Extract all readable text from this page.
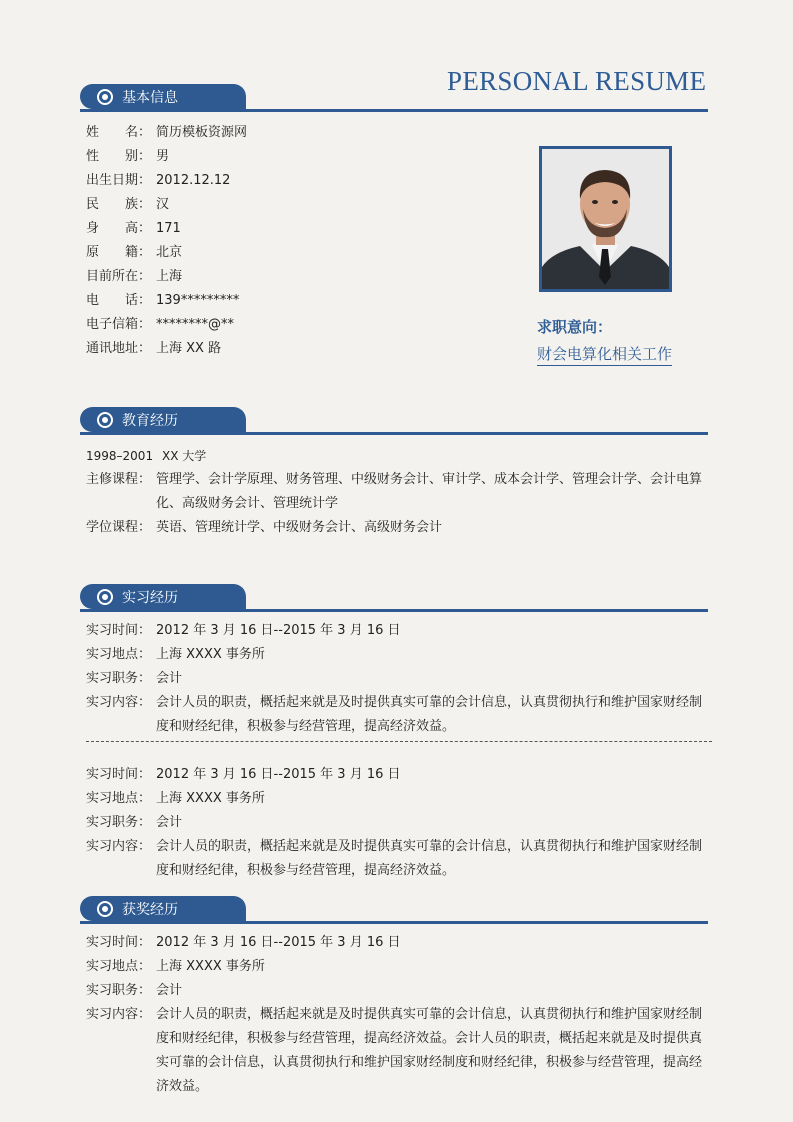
PERSONAL RESUME
基本信息
姓　　名： 简历模板资源网
性　　别： 男
出生日期： 2012.12.12
民　　族： 汉
身　　高： 171
原　　籍： 北京
目前所在： 上海
电　　话： 139*********
电子信箱： ********@**
通讯地址： 上海 XX 路
求职意向：
财会电算化相关工作
教育经历
1998–2001 XX 大学
主修课程： 管理学、会计学原理、财务管理、中级财务会计、审计学、成本会计学、管理会计学、会计电算化、高级财务会计、管理统计学
学位课程： 英语、管理统计学、中级财务会计、高级财务会计
实习经历
实习时间： 2012 年 3 月 16 日--2015 年 3 月 16 日
实习地点： 上海 XXXX 事务所
实习职务： 会计
实习内容： 会计人员的职责，概括起来就是及时提供真实可靠的会计信息，认真贯彻执行和维护国家财经制度和财经纪律，积极参与经营管理，提高经济效益。
实习时间： 2012 年 3 月 16 日--2015 年 3 月 16 日
实习地点： 上海 XXXX 事务所
实习职务： 会计
实习内容： 会计人员的职责，概括起来就是及时提供真实可靠的会计信息，认真贯彻执行和维护国家财经制度和财经纪律，积极参与经营管理，提高经济效益。
获奖经历
实习时间： 2012 年 3 月 16 日--2015 年 3 月 16 日
实习地点： 上海 XXXX 事务所
实习职务： 会计
实习内容： 会计人员的职责，概括起来就是及时提供真实可靠的会计信息，认真贯彻执行和维护国家财经制度和财经纪律，积极参与经营管理，提高经济效益。会计人员的职责，概括起来就是及时提供真实可靠的会计信息，认真贯彻执行和维护国家财经制度和财经纪律，积极参与经营管理，提高经济效益。
